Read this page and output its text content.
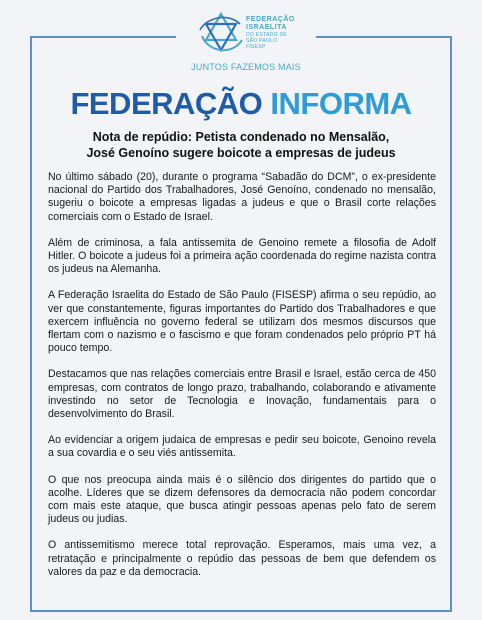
FEDERAÇÃO
ISRAELITA
DO ESTADO DE
SÃO PAULO
FISESP
JUNTOS FAZEMOS MAIS
FEDERAÇÃO INFORMA
Nota de repúdio: Petista condenado no Mensalão,
José Genoíno sugere boicote a empresas de judeus

No último sábado (20), durante o programa “Sabadão do DCM”, o ex-presidente nacional do Partido dos Trabalhadores, José Genoíno, condenado no mensalão, sugeriu o boicote a empresas ligadas a judeus e que o Brasil corte relações comerciais com o Estado de Israel.

Além de criminosa, a fala antissemita de Genoino remete a filosofia de Adolf Hitler. O boicote a judeus foi a primeira ação coordenada do regime nazista contra os judeus na Alemanha.

A Federação Israelita do Estado de São Paulo (FISESP) afirma o seu repúdio, ao ver que constantemente, figuras importantes do Partido dos Trabalhadores e que exercem influência no governo federal se utilizam dos mesmos discursos que flertam com o nazismo e o fascismo e que foram condenados pelo próprio PT há pouco tempo.

Destacamos que nas relações comerciais entre Brasil e Israel, estão cerca de 450 empresas, com contratos de longo prazo, trabalhando, colaborando e ativamente investindo no setor de Tecnologia e Inovação, fundamentais para o desenvolvimento do Brasil.

Ao evidenciar a origem judaica de empresas e pedir seu boicote, Genoino revela a sua covardia e o seu viés antissemita.

O que nos preocupa ainda mais é o silêncio dos dirigentes do partido que o acolhe. Líderes que se dizem defensores da democracia não podem concordar com mais este ataque, que busca atingir pessoas apenas pelo fato de serem judeus ou judias.

O antissemitismo merece total reprovação. Esperamos, mais uma vez, a retratação e principalmente o repúdio das pessoas de bem que defendem os valores da paz e da democracia.
